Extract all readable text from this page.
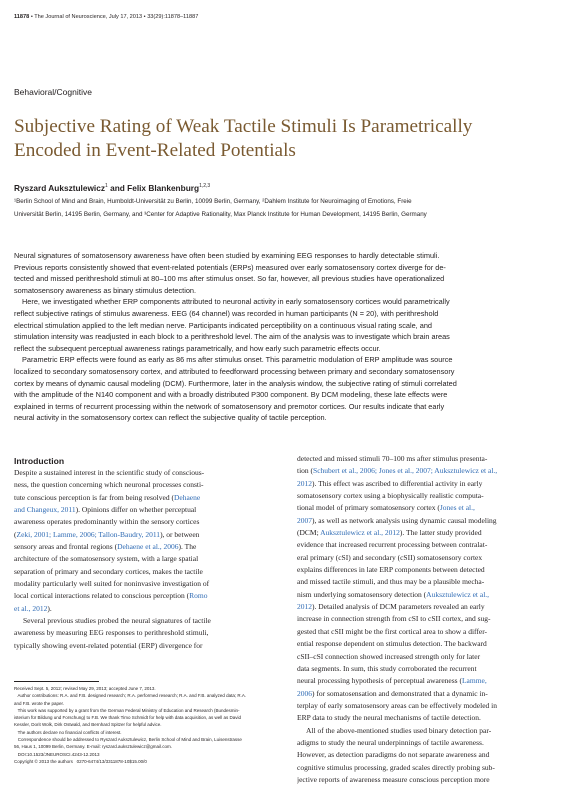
11878 • The Journal of Neuroscience, July 17, 2013 • 33(29):11878–11887
Behavioral/Cognitive
Subjective Rating of Weak Tactile Stimuli Is Parametrically
Encoded in Event-Related Potentials
Ryszard Auksztulewicz$^1$ and Felix Blankenburg$^{1,2,3}$
¹Berlin School of Mind and Brain, Humboldt-Universität zu Berlin, 10099 Berlin, Germany, ²Dahlem Institute for Neuroimaging of Emotions, Freie
Universität Berlin, 14195 Berlin, Germany, and ³Center for Adaptive Rationality, Max Planck Institute for Human Development, 14195 Berlin, Germany
Neural signatures of somatosensory awareness have often been studied by examining EEG responses to hardly detectable stimuli.
Previous reports consistently showed that event-related potentials (ERPs) measured over early somatosensory cortex diverge for de-
tected and missed perithreshold stimuli at 80–100 ms after stimulus onset. So far, however, all previous studies have operationalized
somatosensory awareness as binary stimulus detection.
Here, we investigated whether ERP components attributed to neuronal activity in early somatosensory cortices would parametrically
reflect subjective ratings of stimulus awareness. EEG (64 channel) was recorded in human participants (N = 20), with perithreshold
electrical stimulation applied to the left median nerve. Participants indicated perceptibility on a continuous visual rating scale, and
stimulation intensity was readjusted in each block to a perithreshold level. The aim of the analysis was to investigate which brain areas
reflect the subsequent perceptual awareness ratings parametrically, and how early such parametric effects occur.
Parametric ERP effects were found as early as 86 ms after stimulus onset. This parametric modulation of ERP amplitude was source
localized to secondary somatosensory cortex, and attributed to feedforward processing between primary and secondary somatosensory
cortex by means of dynamic causal modeling (DCM). Furthermore, later in the analysis window, the subjective rating of stimuli correlated
with the amplitude of the N140 component and with a broadly distributed P300 component. By DCM modeling, these late effects were
explained in terms of recurrent processing within the network of somatosensory and premotor cortices. Our results indicate that early
neural activity in the somatosensory cortex can reflect the subjective quality of tactile perception.
Introduction
Despite a sustained interest in the scientific study of conscious-
ness, the question concerning which neuronal processes consti-
tute conscious perception is far from being resolved (Dehaene
and Changeux, 2011). Opinions differ on whether perceptual
awareness operates predominantly within the sensory cortices
(Zeki, 2001; Lamme, 2006; Tallon-Baudry, 2011), or between
sensory areas and frontal regions (Dehaene et al., 2006). The
architecture of the somatosensory system, with a large spatial
separation of primary and secondary cortices, makes the tactile
modality particularly well suited for noninvasive investigation of
local cortical interactions related to conscious perception (Romo
et al., 2012).
Several previous studies probed the neural signatures of tactile
awareness by measuring EEG responses to perithreshold stimuli,
typically showing event-related potential (ERP) divergence for
detected and missed stimuli 70–100 ms after stimulus presenta-
tion (Schubert et al., 2006; Jones et al., 2007; Auksztulewicz et al.,
2012). This effect was ascribed to differential activity in early
somatosensory cortex using a biophysically realistic computa-
tional model of primary somatosensory cortex (Jones et al.,
2007), as well as network analysis using dynamic causal modeling
(DCM; Auksztulewicz et al., 2012). The latter study provided
evidence that increased recurrent processing between contralat-
eral primary (cSI) and secondary (cSII) somatosensory cortex
explains differences in late ERP components between detected
and missed tactile stimuli, and thus may be a plausible mecha-
nism underlying somatosensory detection (Auksztulewicz et al.,
2012). Detailed analysis of DCM parameters revealed an early
increase in connection strength from cSI to cSII cortex, and sug-
gested that cSII might be the first cortical area to show a differ-
ential response dependent on stimulus detection. The backward
cSII–cSI connection showed increased strength only for later
data segments. In sum, this study corroborated the recurrent
neural processing hypothesis of perceptual awareness (Lamme,
2006) for somatosensation and demonstrated that a dynamic in-
terplay of early somatosensory areas can be effectively modeled in
ERP data to study the neural mechanisms of tactile detection.
All of the above-mentioned studies used binary detection par-
adigms to study the neural underpinnings of tactile awareness.
However, as detection paradigms do not separate awareness and
cognitive stimulus processing, graded scales directly probing sub-
jective reports of awareness measure conscious perception more
Received Sept. 5, 2012; revised May 29, 2013; accepted June 7, 2013.
Author contributions: R.A. and F.B. designed research; R.A. performed research; R.A. and F.B. analyzed data; R.A.
and F.B. wrote the paper.
This work was supported by a grant from the German Federal Ministry of Education and Research (Bundesmin-
isterium für Bildung und Forschung) to F.B. We thank Timo Schmidt for help with data acquisition, as well as David
Kessler, Dorit Wolk, Dirk Ostwald, and Bernhard Spitzer for helpful advice.
The authors declare no financial conflicts of interest.
Correspondence should be addressed to Ryszard Auksztulewicz, Berlin School of Mind and Brain, Luisenstrasse
56, Haus 1, 10099 Berlin, Germany. E-mail: ryszard.auksztulewicz@gmail.com.
DOI:10.1523/JNEUROSCI.4243-12.2013
Copyright © 2013 the authors   0270-6474/13/3311878-10$15.00/0
